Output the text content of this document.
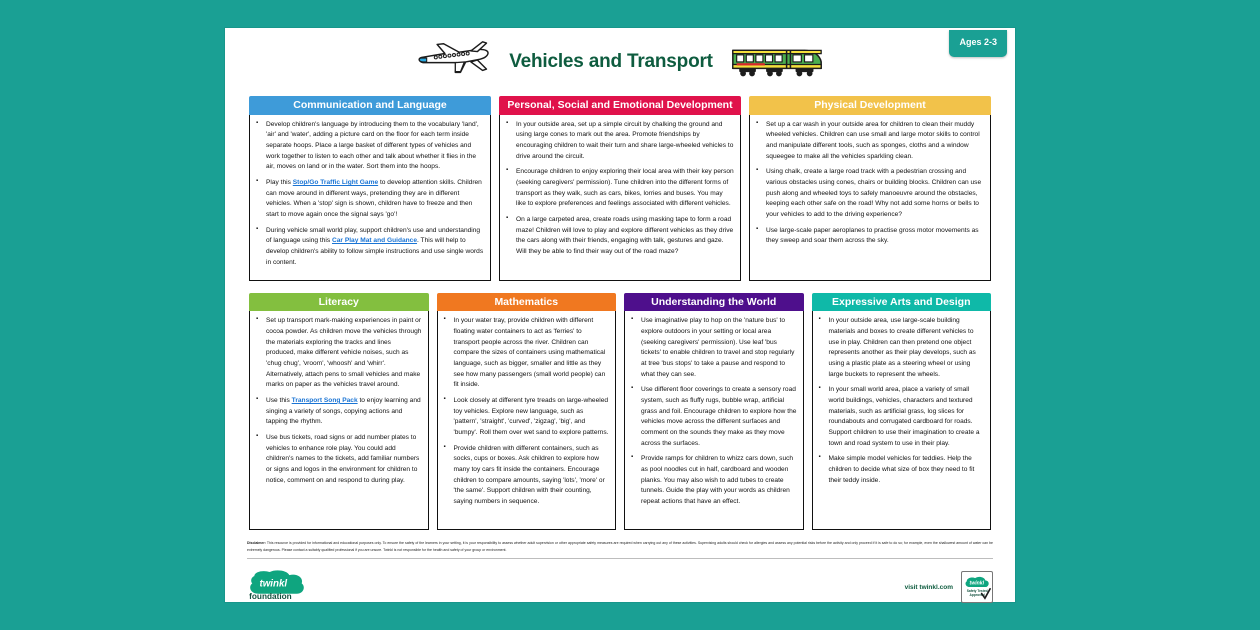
Vehicles and Transport
Ages 2-3
Communication and Language
▪ Develop children's language by introducing them to the vocabulary 'land', 'air' and 'water', adding a picture card on the floor for each term inside separate hoops. Place a large basket of different types of vehicles and work together to listen to each other and talk about whether it flies in the air, moves on land or in the water. Sort them into the hoops.
▪ Play this Stop/Go Traffic Light Game to develop attention skills. Children can move around in different ways, pretending they are in different vehicles. When a 'stop' sign is shown, children have to freeze and then start to move again once the signal says 'go'!
▪ During vehicle small world play, support children's use and understanding of language using this Car Play Mat and Guidance. This will help to develop children's ability to follow simple instructions and use single words in content.
Personal, Social and Emotional Development
▪ In your outside area, set up a simple circuit by chalking the ground and using large cones to mark out the area. Promote friendships by encouraging children to wait their turn and share large-wheeled vehicles to drive around the circuit.
▪ Encourage children to enjoy exploring their local area with their key person (seeking caregivers' permission). Tune children into the different forms of transport as they walk, such as cars, bikes, lorries and buses. You may like to explore preferences and feelings associated with different vehicles.
▪ On a large carpeted area, create roads using masking tape to form a road maze! Children will love to play and explore different vehicles as they drive the cars along with their friends, engaging with talk, gestures and gaze. Will they be able to find their way out of the road maze?
Physical Development
▪ Set up a car wash in your outside area for children to clean their muddy wheeled vehicles. Children can use small and large motor skills to control and manipulate different tools, such as sponges, cloths and a window squeegee to make all the vehicles sparkling clean.
▪ Using chalk, create a large road track with a pedestrian crossing and various obstacles using cones, chairs or building blocks. Children can use push along and wheeled toys to safely manoeuvre around the obstacles, keeping each other safe on the road! Why not add some horns or bells to your vehicles to add to the driving experience?
▪ Use large-scale paper aeroplanes to practise gross motor movements as they sweep and soar them across the sky.
Literacy
▪ Set up transport mark-making experiences in paint or cocoa powder. As children move the vehicles through the materials exploring the tracks and lines produced, make different vehicle noises, such as 'chug chug', 'vroom', 'whoosh' and 'whirr'. Alternatively, attach pens to small vehicles and make marks on paper as the vehicles travel around.
▪ Use this Transport Song Pack to enjoy learning and singing a variety of songs, copying actions and tapping the rhythm.
▪ Use bus tickets, road signs or add number plates to vehicles to enhance role play. You could add children's names to the tickets, add familiar numbers or signs and logos in the environment for children to notice, comment on and respond to during play.
Mathematics
▪ In your water tray, provide children with different floating water containers to act as 'ferries' to transport people across the river. Children can compare the sizes of containers using mathematical language, such as bigger, smaller and little as they see how many passengers (small world people) can fit inside.
▪ Look closely at different tyre treads on large-wheeled toy vehicles. Explore new language, such as 'pattern', 'straight', 'curved', 'zigzag', 'big', and 'bumpy'. Roll them over wet sand to explore patterns.
▪ Provide children with different containers, such as socks, cups or boxes. Ask children to explore how many toy cars fit inside the containers. Encourage children to compare amounts, saying 'lots', 'more' or 'the same'. Support children with their counting, saying numbers in sequence.
Understanding the World
▪ Use imaginative play to hop on the 'nature bus' to explore outdoors in your setting or local area (seeking caregivers' permission). Use leaf 'bus tickets' to enable children to travel and stop regularly at tree 'bus stops' to take a pause and respond to what they can see.
▪ Use different floor coverings to create a sensory road system, such as fluffy rugs, bubble wrap, artificial grass and foil. Encourage children to explore how the vehicles move across the different surfaces and comment on the sounds they make as they move across the surfaces.
▪ Provide ramps for children to whizz cars down, such as pool noodles cut in half, cardboard and wooden planks. You may also wish to add tubes to create tunnels. Guide the play with your words as children repeat actions that have an effect.
Expressive Arts and Design
▪ In your outside area, use large-scale building materials and boxes to create different vehicles to use in play. Children can then pretend one object represents another as their play develops, such as using a plastic plate as a steering wheel or using large buckets to represent the wheels.
▪ In your small world area, place a variety of small world buildings, vehicles, characters and textured materials, such as artificial grass, log slices for roundabouts and corrugated cardboard for roads. Support children to use their imagination to create a town and road system to use in their play.
▪ Make simple model vehicles for teddies. Help the children to decide what size of box they need to fit their teddy inside.
Disclaimer: This resource is provided for informational and educational purposes only. To ensure the safety of the learners in your setting, it is your responsibility to assess whether adult supervision or other appropriate safety measures are required when carrying out any of these activities. Supervising adults should check for allergies and assess any potential risks before the activity and only proceed if it is safe to do so; for example, even the shallowest amount of water can be extremely dangerous. Please contact a suitably qualified professional if you are unsure. Twinkl is not responsible for the health and safety of your group or environment.
twinkl
foundation
visit twinkl.com twinkl
Safety Tested
Approved
